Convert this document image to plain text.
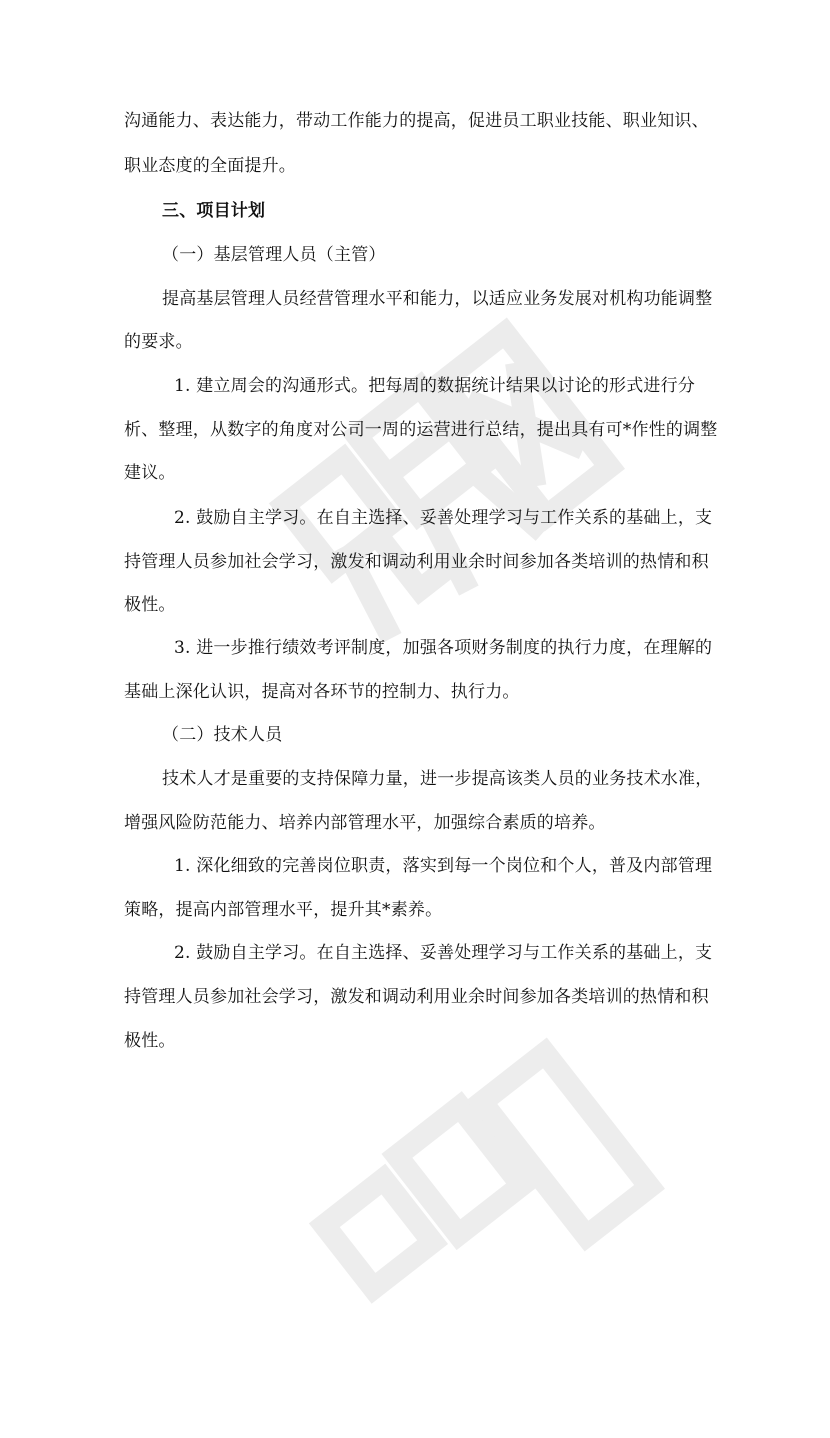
沟通能力、表达能力，带动工作能力的提高，促进员工职业技能、职业知识、
职业态度的全面提升。
三、项目计划
（一）基层管理人员（主管）
提高基层管理人员经营管理水平和能力，以适应业务发展对机构功能调整
的要求。
1. 建立周会的沟通形式。把每周的数据统计结果以讨论的形式进行分
析、整理，从数字的角度对公司一周的运营进行总结，提出具有可*作性的调整
建议。
2. 鼓励自主学习。在自主选择、妥善处理学习与工作关系的基础上，支
持管理人员参加社会学习，激发和调动利用业余时间参加各类培训的热情和积
极性。
3. 进一步推行绩效考评制度，加强各项财务制度的执行力度，在理解的
基础上深化认识，提高对各环节的控制力、执行力。
（二）技术人员
技术人才是重要的支持保障力量，进一步提高该类人员的业务技术水准，
增强风险防范能力、培养内部管理水平，加强综合素质的培养。
1. 深化细致的完善岗位职责，落实到每一个岗位和个人，普及内部管理
策略，提高内部管理水平，提升其*素养。
2. 鼓励自主学习。在自主选择、妥善处理学习与工作关系的基础上，支
持管理人员参加社会学习，激发和调动利用业余时间参加各类培训的热情和积
极性。
